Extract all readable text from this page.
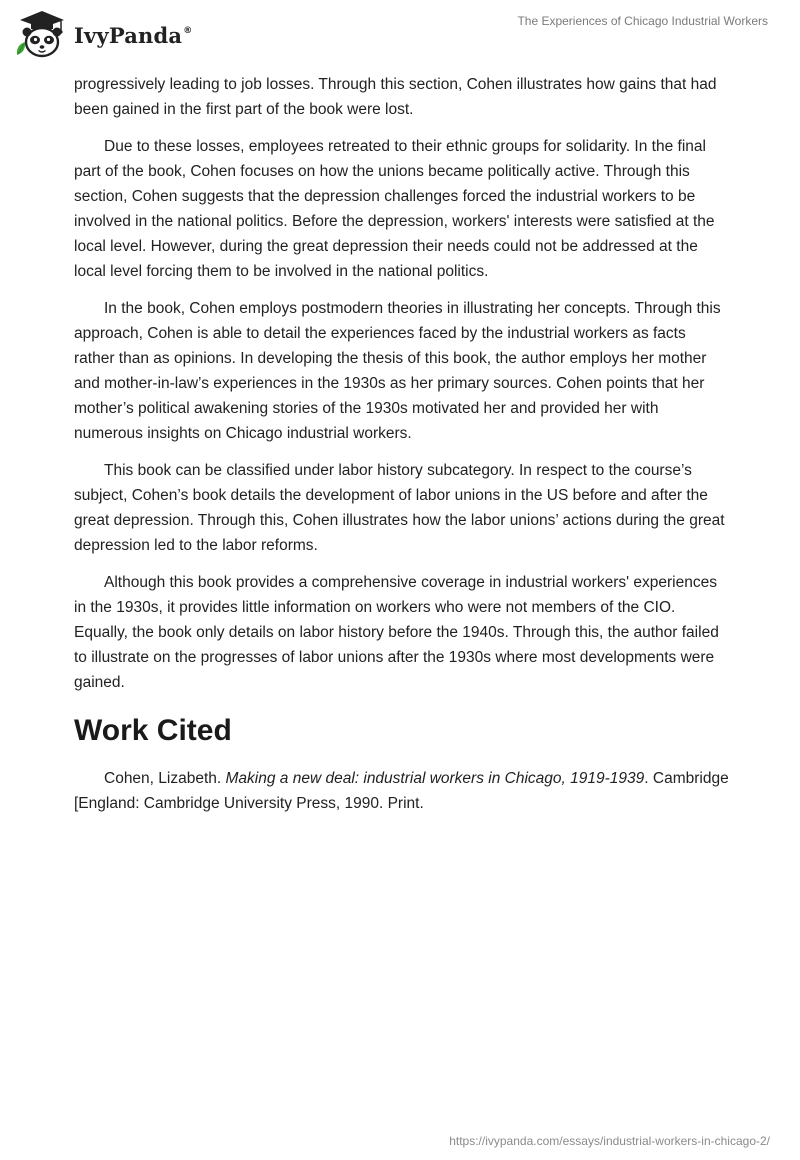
IvyPanda®
The Experiences of Chicago Industrial Workers

progressively leading to job losses. Through this section, Cohen illustrates how gains that had been gained in the first part of the book were lost.

Due to these losses, employees retreated to their ethnic groups for solidarity. In the final part of the book, Cohen focuses on how the unions became politically active. Through this section, Cohen suggests that the depression challenges forced the industrial workers to be involved in the national politics. Before the depression, workers' interests were satisfied at the local level. However, during the great depression their needs could not be addressed at the local level forcing them to be involved in the national politics.

In the book, Cohen employs postmodern theories in illustrating her concepts. Through this approach, Cohen is able to detail the experiences faced by the industrial workers as facts rather than as opinions. In developing the thesis of this book, the author employs her mother and mother-in-law’s experiences in the 1930s as her primary sources. Cohen points that her mother’s political awakening stories of the 1930s motivated her and provided her with numerous insights on Chicago industrial workers.

This book can be classified under labor history subcategory. In respect to the course’s subject, Cohen’s book details the development of labor unions in the US before and after the great depression. Through this, Cohen illustrates how the labor unions’ actions during the great depression led to the labor reforms.

Although this book provides a comprehensive coverage in industrial workers' experiences in the 1930s, it provides little information on workers who were not members of the CIO. Equally, the book only details on labor history before the 1940s. Through this, the author failed to illustrate on the progresses of labor unions after the 1930s where most developments were gained.

Work Cited

Cohen, Lizabeth. Making a new deal: industrial workers in Chicago, 1919-1939. Cambridge [England: Cambridge University Press, 1990. Print.

https://ivypanda.com/essays/industrial-workers-in-chicago-2/
